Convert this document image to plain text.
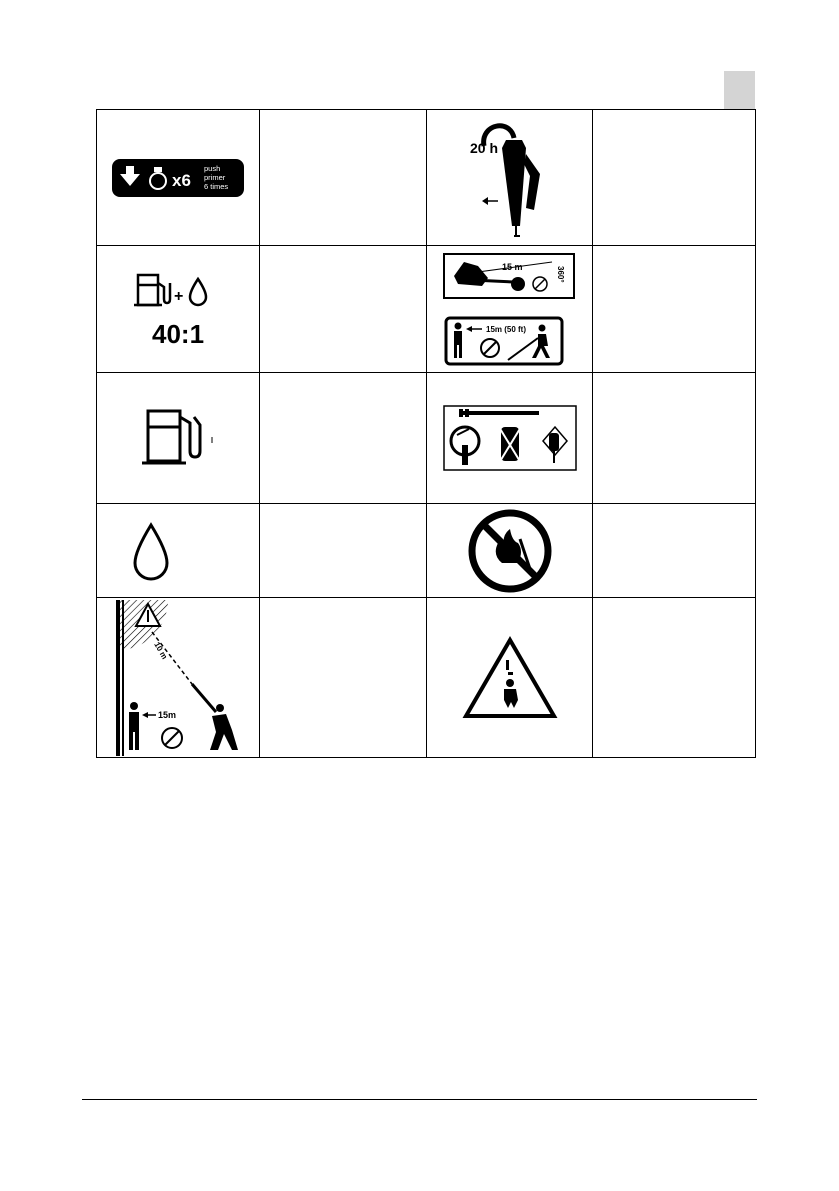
x6
push
primer
6 times		20 h	

+
40:1		15 m 360°
15m (50 ft)	

10 m
15m
